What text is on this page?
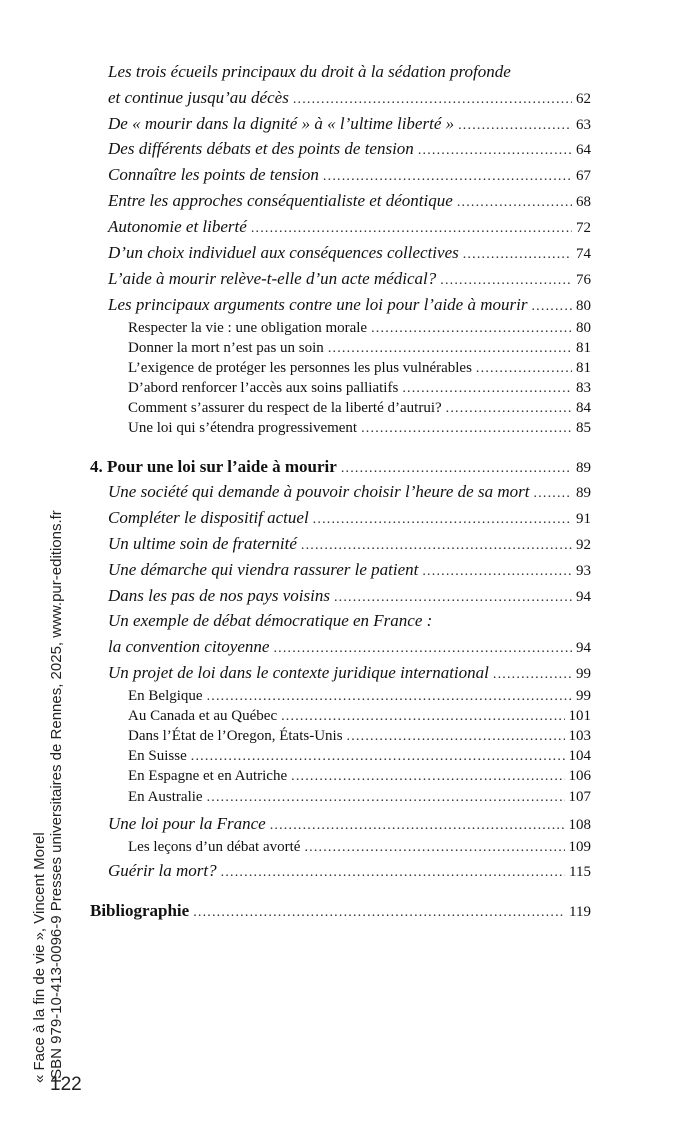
Les trois écueils principaux du droit à la sédation profonde
et continue jusqu’au décès .....	62
De « mourir dans la dignité » à « l’ultime liberté » .....	63
Des différents débats et des points de tension .....	64
Connaître les points de tension .....	67
Entre les approches conséquentialiste et déontique .....	68
Autonomie et liberté .....	72
D’un choix individuel aux conséquences collectives .....	74
L’aide à mourir relève-t-elle d’un acte médical? .....	76
Les principaux arguments contre une loi pour l’aide à mourir .....	80
Respecter la vie : une obligation morale .....	80
Donner la mort n’est pas un soin .....	81
L’exigence de protéger les personnes les plus vulnérables .....	81
D’abord renforcer l’accès aux soins palliatifs .....	83
Comment s’assurer du respect de la liberté d’autrui? .....	84
Une loi qui s’étendra progressivement .....	85
4. Pour une loi sur l’aide à mourir .....	89
Une société qui demande à pouvoir choisir l’heure de sa mort .....	89
Compléter le dispositif actuel .....	91
Un ultime soin de fraternité .....	92
Une démarche qui viendra rassurer le patient .....	93
Dans les pas de nos pays voisins .....	94
Un exemple de débat démocratique en France :
la convention citoyenne .....	94
Un projet de loi dans le contexte juridique international .....	99
En Belgique .....	99
Au Canada et au Québec .....	101
Dans l’État de l’Oregon, États-Unis .....	103
En Suisse .....	104
En Espagne et en Autriche .....	106
En Australie .....	107
Une loi pour la France .....	108
Les leçons d’un débat avorté .....	109
Guérir la mort? .....	115
Bibliographie .....	119
« Face à la fin de vie », Vincent Morel ISBN 979-10-413-0096-9 Presses universitaires de Rennes, 2025, www.pur-editions.fr
122
